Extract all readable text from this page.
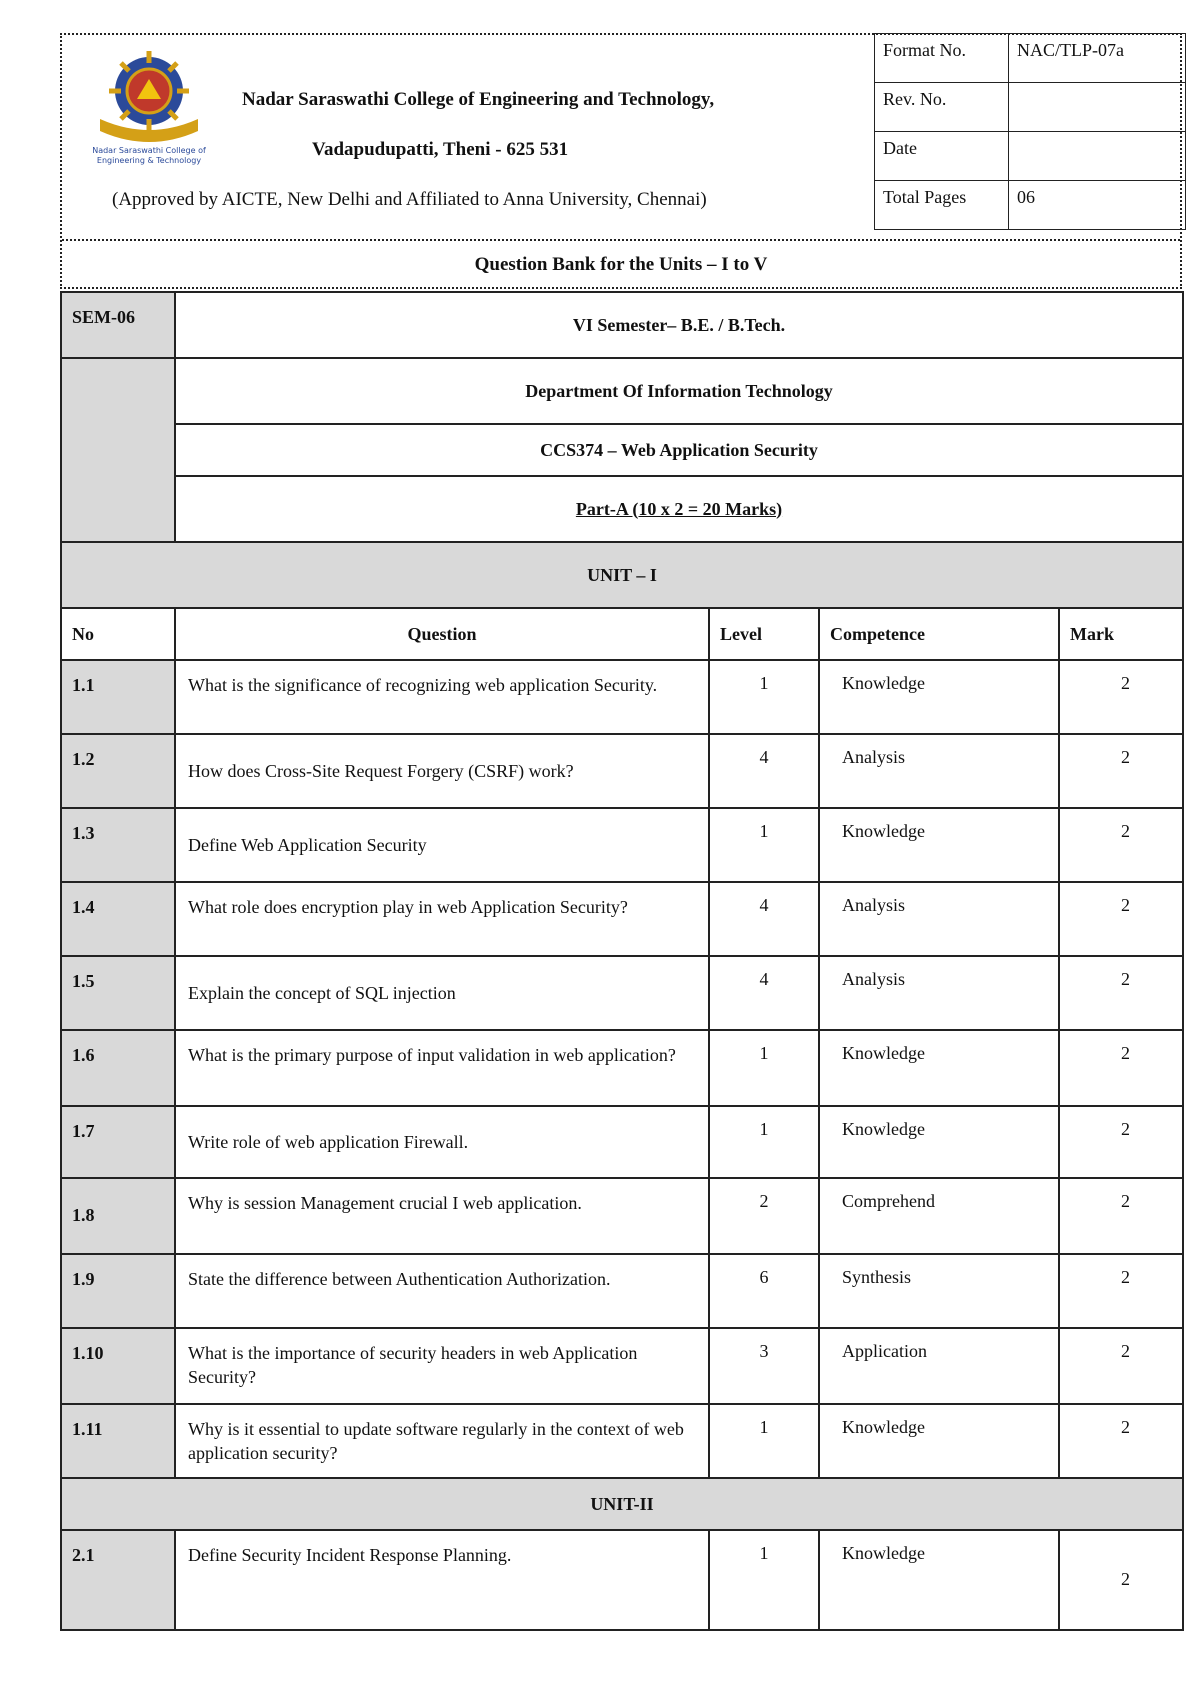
Nadar Saraswathi College of
Engineering & Technology
Nadar Saraswathi College of Engineering and Technology,
Vadapudupatti, Theni - 625 531
(Approved by AICTE, New Delhi and Affiliated to Anna University, Chennai)
Format No.	NAC/TLP-07a
Rev. No.	
Date	
Total Pages	06
Question Bank for the Units – I to V
SEM-06	VI Semester– B.E. / B.Tech.			
	Department Of Information Technology			
	CCS374 – Web Application Security			
	Part-A (10 x 2 = 20 Marks)			
UNIT – I				
No	Question	Level	Competence	Mark
1.1	What is the significance of recognizing web application Security.	1	Knowledge	2
1.2	How does Cross-Site Request Forgery (CSRF) work?	4	Analysis	2
1.3	Define Web Application Security	1	Knowledge	2
1.4	What role does encryption play in web Application Security?	4	Analysis	2
1.5	Explain the concept of SQL injection	4	Analysis	2
1.6	What is the primary purpose of input validation in web application?	1	Knowledge	2
1.7	Write role of web application Firewall.	1	Knowledge	2
1.8	Why is session Management crucial I web application.	2	Comprehend	2
1.9	State the difference between Authentication Authorization.	6	Synthesis	2
1.10	What is the importance of security headers in web Application Security?	3	Application	2
1.11	Why is it essential to update software regularly in the context of web application security?	1	Knowledge	2
UNIT-II				
2.1	Define Security Incident Response Planning.	1	Knowledge	2
